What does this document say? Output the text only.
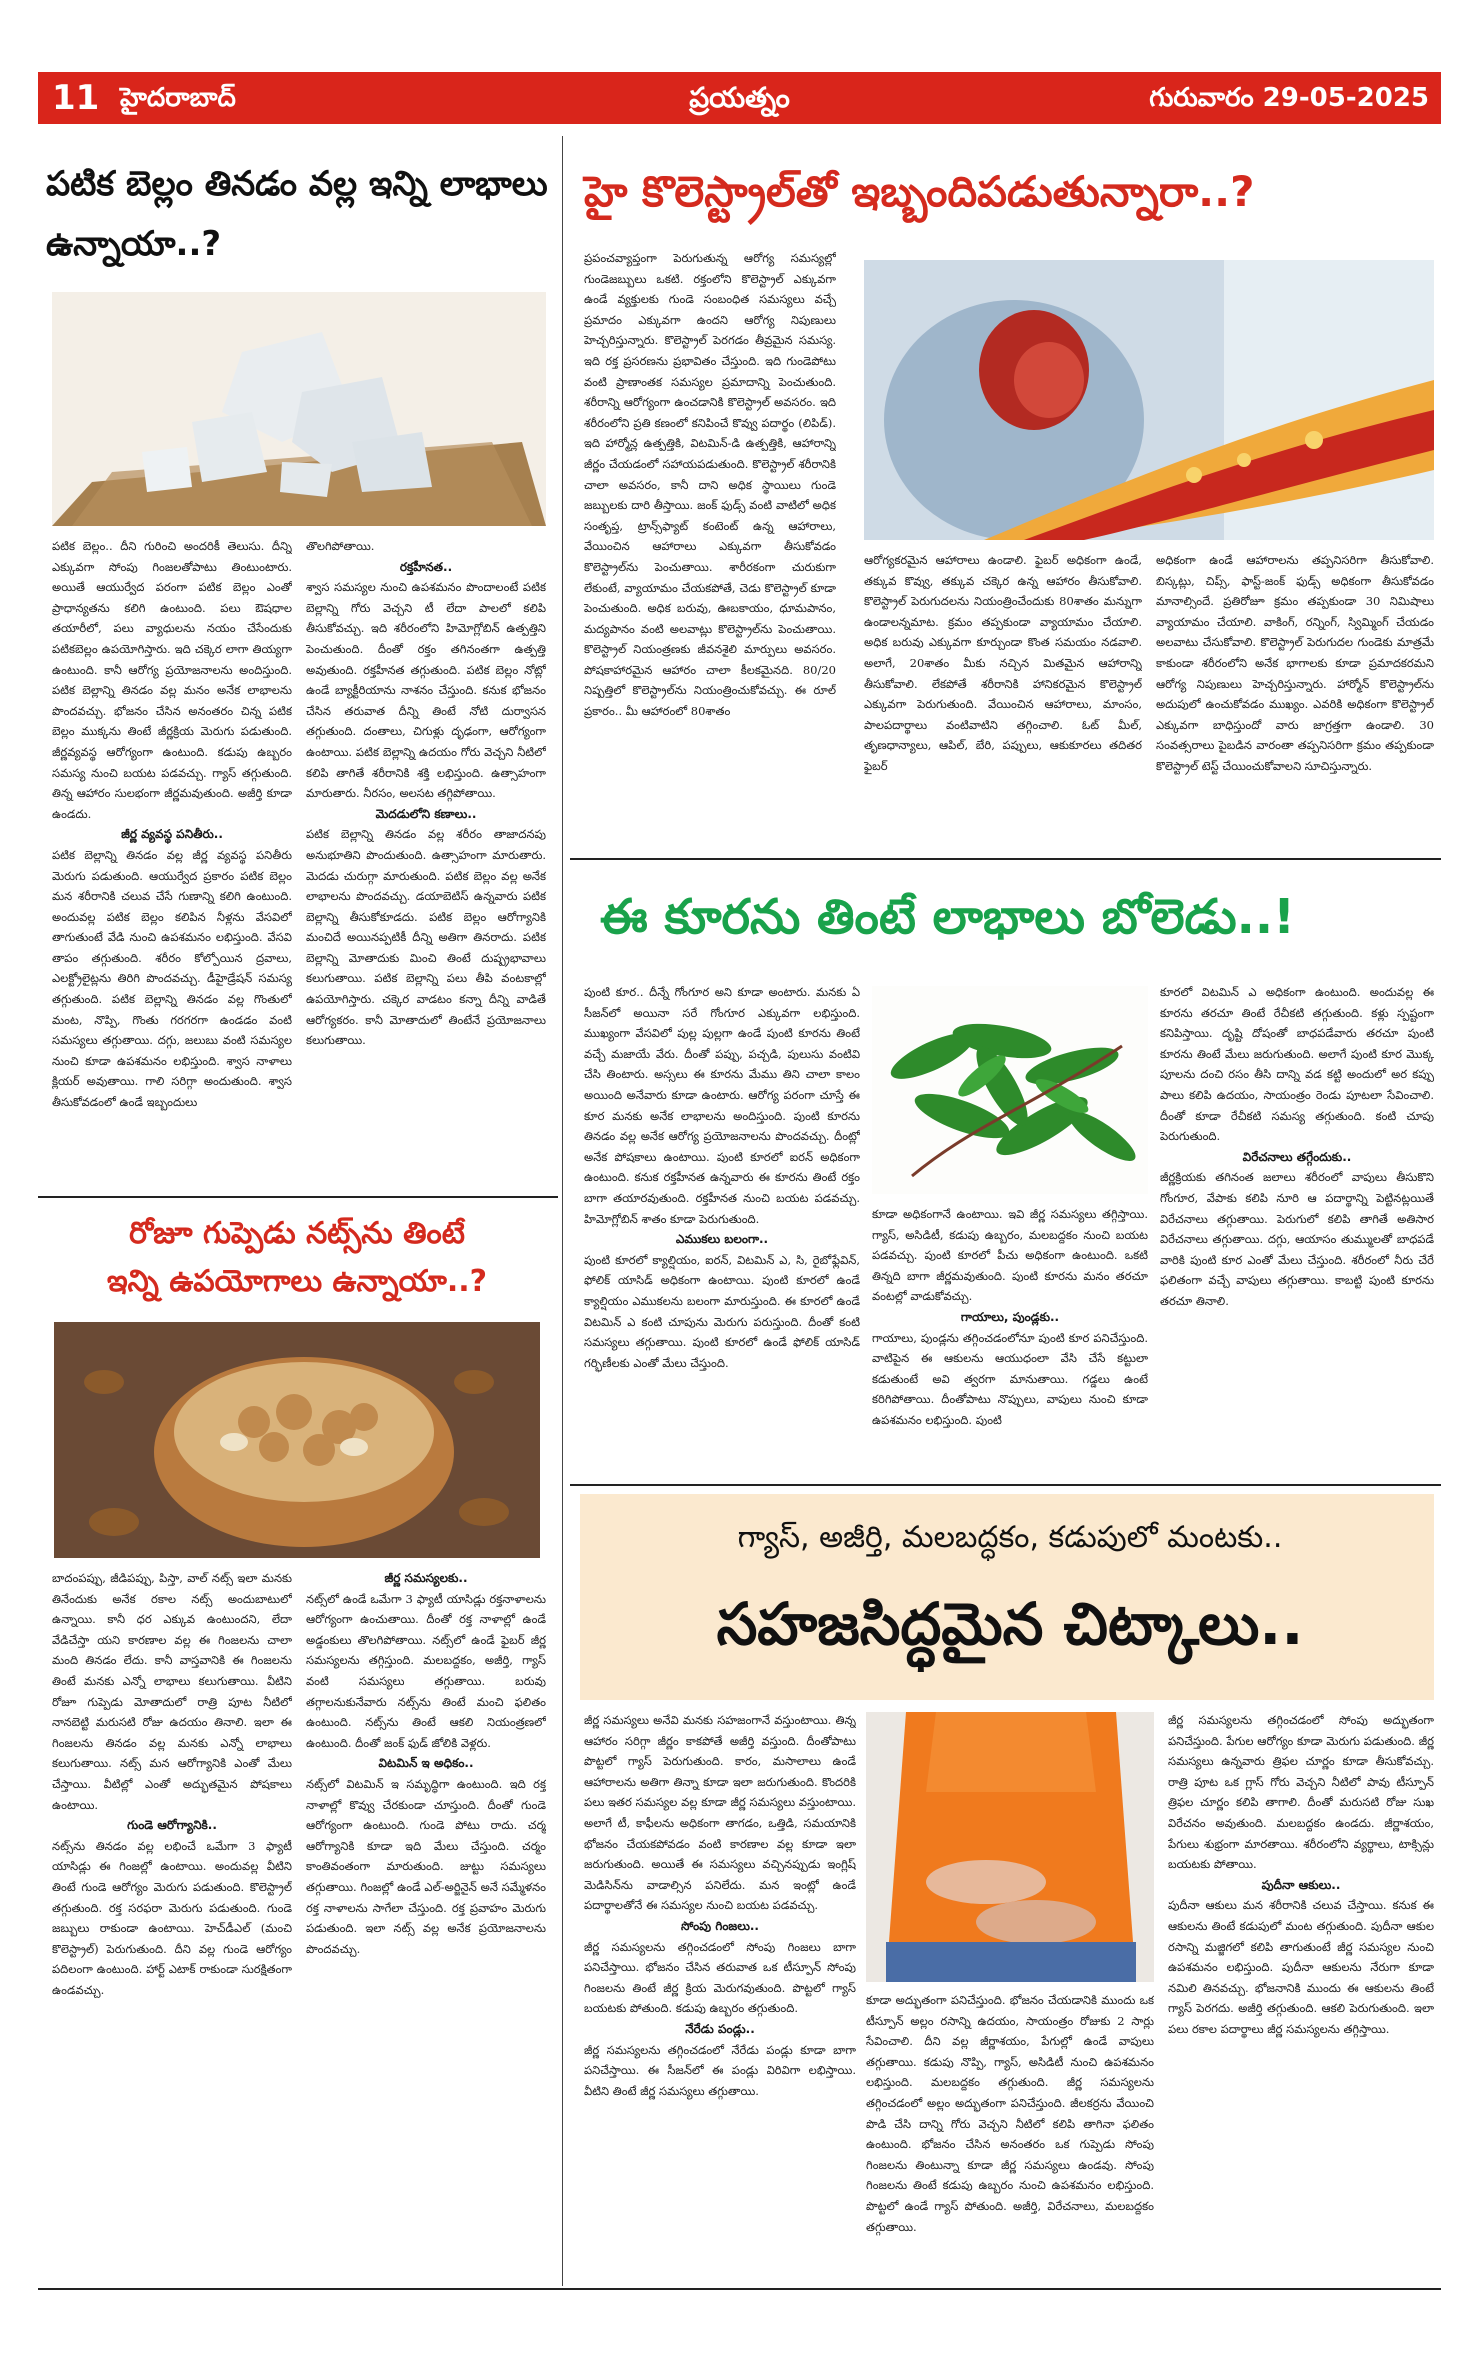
11 హైదరాబాద్	ప్రయత్నం	గురువారం 29-05-2025
పటిక బెల్లం తినడం వల్ల ఇన్ని లాభాలు ఉన్నాయా..?

పటిక బెల్లం.. దీని గురించి అందరికీ తెలుసు. దీన్ని ఎక్కువగా సోంపు గింజలతోపాటు తింటుంటారు. అయితే ఆయుర్వేద పరంగా పటిక బెల్లం ఎంతో ప్రాధాన్యతను కలిగి ఉంటుంది. పలు ఔషధాల తయారీలో, పలు వ్యాధులను నయం చేసేందుకు పటికబెల్లం ఉపయోగిస్తారు. ఇది చక్కెర లాగా తియ్యగా ఉంటుంది. కానీ ఆరోగ్య ప్రయోజనాలను అందిస్తుంది. పటిక బెల్లాన్ని తినడం వల్ల మనం అనేక లాభాలను పొందవచ్చు. భోజనం చేసిన అనంతరం చిన్న పటిక బెల్లం ముక్కను తింటే జీర్ణక్రియ మెరుగు పడుతుంది. జీర్ణవ్యవస్థ ఆరోగ్యంగా ఉంటుంది. కడుపు ఉబ్బరం సమస్య నుంచి బయట పడవచ్చు. గ్యాస్ తగ్గుతుంది. తిన్న ఆహారం సులభంగా జీర్ణమవుతుంది. అజీర్తి కూడా ఉండదు.

జీర్ణ వ్యవస్థ పనితీరు..

పటిక బెల్లాన్ని తినడం వల్ల జీర్ణ వ్యవస్థ పనితీరు మెరుగు పడుతుంది. ఆయుర్వేద ప్రకారం పటిక బెల్లం మన శరీరానికి చలువ చేసే గుణాన్ని కలిగి ఉంటుంది. అందువల్ల పటిక బెల్లం కలిపిన నీళ్లను వేసవిలో తాగుతుంటే వేడి నుంచి ఉపశమనం లభిస్తుంది. వేసవి తాపం తగ్గుతుంది. శరీరం కోల్పోయిన ద్రవాలు, ఎలక్ట్రోలైట్లను తిరిగి పొందవచ్చు. డీహైడ్రేషన్ సమస్య తగ్గుతుంది. పటిక బెల్లాన్ని తినడం వల్ల గొంతులో మంట, నొప్పి, గొంతు గరగరగా ఉండడం వంటి సమస్యలు తగ్గుతాయి. దగ్గు, జలుబు వంటి సమస్యల నుంచి కూడా ఉపశమనం లభిస్తుంది. శ్వాస నాళాలు క్లియర్ అవుతాయి. గాలి సరిగ్గా అందుతుంది. శ్వాస తీసుకోవడంలో ఉండే ఇబ్బందులు

తొలగిపోతాయి.

రక్తహీనత..

శ్వాస సమస్యల నుంచి ఉపశమనం పొందాలంటే పటిక బెల్లాన్ని గోరు వెచ్చని టీ లేదా పాలలో కలిపి తీసుకోవచ్చు. ఇది శరీరంలోని హిమోగ్లోబిన్ ఉత్పత్తిని పెంచుతుంది. దీంతో రక్తం తగినంతగా ఉత్పత్తి అవుతుంది. రక్తహీనత తగ్గుతుంది. పటిక బెల్లం నోట్లో ఉండే బ్యాక్టీరియాను నాశనం చేస్తుంది. కనుక భోజనం చేసిన తరువాత దీన్ని తింటే నోటి దుర్వాసన తగ్గుతుంది. దంతాలు, చిగుళ్లు దృఢంగా, ఆరోగ్యంగా ఉంటాయి. పటిక బెల్లాన్ని ఉదయం గోరు వెచ్చని నీటిలో కలిపి తాగితే శరీరానికి శక్తి లభిస్తుంది. ఉత్సాహంగా మారుతారు. నీరసం, అలసట తగ్గిపోతాయి.

మెదడులోని కణాలు..

పటిక బెల్లాన్ని తినడం వల్ల శరీరం తాజాదనపు అనుభూతిని పొందుతుంది. ఉత్సాహంగా మారుతారు. మెదడు చురుగ్గా మారుతుంది. పటిక బెల్లం వల్ల అనేక లాభాలను పొందవచ్చు. డయాబెటిస్ ఉన్నవారు పటిక బెల్లాన్ని తీసుకోకూడదు. పటిక బెల్లం ఆరోగ్యానికి మంచిదే అయినప్పటికీ దీన్ని అతిగా తినరాదు. పటిక బెల్లాన్ని మోతాదుకు మించి తింటే దుష్ప్రభావాలు కలుగుతాయి. పటిక బెల్లాన్ని పలు తీపి వంటకాల్లో ఉపయోగిస్తారు. చక్కెర వాడటం కన్నా దీన్ని వాడితే ఆరోగ్యకరం. కానీ మోతాదులో తింటేనే ప్రయోజనాలు కలుగుతాయి.

రోజూ గుప్పెడు నట్స్‌ను తింటే
ఇన్ని ఉపయోగాలు ఉన్నాయా..?

బాదంపప్పు, జీడిపప్పు, పిస్తా, వాల్ నట్స్ ఇలా మనకు తినేందుకు అనేక రకాల నట్స్ అందుబాటులో ఉన్నాయి. కానీ ధర ఎక్కువ ఉంటుందని, లేదా వేడిచేస్తా యని కారణాల వల్ల ఈ గింజలను చాలా మంది తినడం లేదు. కానీ వాస్తవానికి ఈ గింజలను తింటే మనకు ఎన్నో లాభాలు కలుగుతాయి. వీటిని రోజూ గుప్పెడు మోతాదులో రాత్రి పూట నీటిలో నానబెట్టి మరుసటి రోజు ఉదయం తినాలి. ఇలా ఈ గింజలను తినడం వల్ల మనకు ఎన్నో లాభాలు కలుగుతాయి. నట్స్ మన ఆరోగ్యానికి ఎంతో మేలు చేస్తాయి. వీటిల్లో ఎంతో అద్భుతమైన పోషకాలు ఉంటాయి.

గుండె ఆరోగ్యానికి..

నట్స్‌ను తినడం వల్ల లభించే ఒమేగా 3 ఫ్యాటీ యాసిడ్లు ఈ గింజల్లో ఉంటాయి. అందువల్ల వీటిని తింటే గుండె ఆరోగ్యం మెరుగు పడుతుంది. కొలెస్ట్రాల్ తగ్గుతుంది. రక్త సరఫరా మెరుగు పడుతుంది. గుండె జబ్బులు రాకుండా ఉంటాయి. హెచ్‌డీఎల్ (మంచి కొలెస్ట్రాల్) పెరుగుతుంది. దీని వల్ల గుండె ఆరోగ్యం పదిలంగా ఉంటుంది. హార్ట్ ఎటాక్ రాకుండా సురక్షితంగా ఉండవచ్చు.

జీర్ణ సమస్యలకు..

నట్స్‌లో ఉండే ఒమేగా 3 ఫ్యాటీ యాసిడ్లు రక్తనాళాలను ఆరోగ్యంగా ఉంచుతాయి. దీంతో రక్త నాళాల్లో ఉండే అడ్డంకులు తొలగిపోతాయి. నట్స్‌లో ఉండే ఫైబర్ జీర్ణ సమస్యలను తగ్గిస్తుంది. మలబద్దకం, అజీర్తి, గ్యాస్ వంటి సమస్యలు తగ్గుతాయి. బరువు తగ్గాలనుకునేవారు నట్స్‌ను తింటే మంచి ఫలితం ఉంటుంది. నట్స్‌ను తింటే ఆకలి నియంత్రణలో ఉంటుంది. దీంతో జంక్ ఫుడ్ జోలికి వెళ్లరు.

విటమిన్ ఇ అధికం..

నట్స్‌లో విటమిన్ ఇ సమృద్ధిగా ఉంటుంది. ఇది రక్త నాళాల్లో కొవ్వు చేరకుండా చూస్తుంది. దీంతో గుండె ఆరోగ్యంగా ఉంటుంది. గుండె పోటు రాదు. చర్మ ఆరోగ్యానికి కూడా ఇది మేలు చేస్తుంది. చర్మం కాంతివంతంగా మారుతుంది. జుట్టు సమస్యలు తగ్గుతాయి. గింజల్లో ఉండే ఎల్-అర్జినైన్ అనే సమ్మేళనం రక్త నాళాలను సాగేలా చేస్తుంది. రక్త ప్రవాహం మెరుగు పడుతుంది. ఇలా నట్స్ వల్ల అనేక ప్రయోజనాలను పొందవచ్చు.

హై కొలెస్ట్రాల్‌తో ఇబ్బందిపడుతున్నారా..?
ప్రపంచవ్యాప్తంగా పెరుగుతున్న ఆరోగ్య సమస్యల్లో గుండెజబ్బులు ఒకటి. రక్తంలోని కొలెస్ట్రాల్ ఎక్కువగా ఉండే వ్యక్తులకు గుండె సంబంధిత సమస్యలు వచ్చే ప్రమాదం ఎక్కువగా ఉందని ఆరోగ్య నిపుణులు హెచ్చరిస్తున్నారు. కొలెస్ట్రాల్ పెరగడం తీవ్రమైన సమస్య. ఇది రక్త ప్రసరణను ప్రభావితం చేస్తుంది. ఇది గుండెపోటు వంటి ప్రాణాంతక సమస్యల ప్రమాదాన్ని పెంచుతుంది. శరీరాన్ని ఆరోగ్యంగా ఉంచడానికి కొలెస్ట్రాల్ అవసరం. ఇది శరీరంలోని ప్రతి కణంలో కనిపించే కొవ్వు పదార్థం (లిపిడ్). ఇది హార్మోన్ల ఉత్పత్తికి, విటమిన్-డి ఉత్పత్తికి, ఆహారాన్ని జీర్ణం చేయడంలో సహాయపడుతుంది. కొలెస్ట్రాల్ శరీరానికి చాలా అవసరం, కానీ దాని అధిక స్థాయిలు గుండె జబ్బులకు దారి తీస్తాయి. జంక్ ఫుడ్స్ వంటి వాటిలో అధిక సంతృప్త, ట్రాన్స్‌ఫ్యాట్ కంటెంట్ ఉన్న ఆహారాలు, వేయించిన ఆహారాలు ఎక్కువగా తీసుకోవడం కొలెస్ట్రాల్‌ను పెంచుతాయి. శారీరకంగా చురుకుగా లేకుంటే, వ్యాయామం చేయకపోతే, చెడు కొలెస్ట్రాల్ కూడా పెంచుతుంది. అధిక బరువు, ఊబకాయం, ధూమపానం, మద్యపానం వంటి అలవాట్లు కొలెస్ట్రాల్‌ను పెంచుతాయి. కొలెస్ట్రాల్ నియంత్రణకు జీవనశైలి మార్పులు అవసరం. పోషకాహారమైన ఆహారం చాలా కీలకమైనది. 80/20 నిష్పత్తిలో కొలెస్ట్రాల్‌ను నియంత్రించుకోవచ్చు. ఈ రూల్ ప్రకారం.. మీ ఆహారంలో 80శాతం
ఆరోగ్యకరమైన ఆహారాలు ఉండాలి. ఫైబర్ అధికంగా ఉండే, తక్కువ కొవ్వు, తక్కువ చక్కెర ఉన్న ఆహారం తీసుకోవాలి. కొలెస్ట్రాల్ పెరుగుదలను నియంత్రించేందుకు 80శాతం మన్నుగా ఉండాలన్నమాట. క్రమం తప్పకుండా వ్యాయామం చేయాలి. అధిక బరువు ఎక్కువగా కూర్చుండా కొంత సమయం నడవాలి. అలాగే, 20శాతం మీకు నచ్చిన మితమైన ఆహారాన్ని తీసుకోవాలి. లేకపోతే శరీరానికి హానికరమైన కొలెస్ట్రాల్ ఎక్కువగా పెరుగుతుంది. వేయించిన ఆహారాలు, మాంసం, పాలపదార్థాలు వంటివాటిని తగ్గించాలి. ఓట్ మీల్, తృణధాన్యాలు, ఆపిల్, బేరి, పప్పులు, ఆకుకూరలు తదితర ఫైబర్
అధికంగా ఉండే ఆహారాలను తప్పనిసరిగా తీసుకోవాలి. బిస్కట్లు, చిప్స్, ఫాస్ట్-జంక్ ఫుడ్స్ అధికంగా తీసుకోవడం మానాల్సిందే. ప్రతిరోజూ క్రమం తప్పకుండా 30 నిమిషాలు వ్యాయామం చేయాలి. వాకింగ్, రన్నింగ్, స్విమ్మింగ్ చేయడం అలవాటు చేసుకోవాలి. కొలెస్ట్రాల్ పెరుగుదల గుండెకు మాత్రమే కాకుండా శరీరంలోని అనేక భాగాలకు కూడా ప్రమాదకరమని ఆరోగ్య నిపుణులు హెచ్చరిస్తున్నారు. హార్మోన్ కొలెస్ట్రాల్‌ను అదుపులో ఉంచుకోవడం ముఖ్యం. ఎవరికి అధికంగా కొలెస్ట్రాల్ ఎక్కువగా బాధిస్తుందో వారు జాగ్రత్తగా ఉండాలి. 30 సంవత్సరాలు పైబడిన వారంతా తప్పనిసరిగా క్రమం తప్పకుండా కొలెస్ట్రాల్ టెస్ట్ చేయించుకోవాలని సూచిస్తున్నారు.
ఈ కూరను తింటే లాభాలు బోలెడు..!

పుంటి కూర.. దీన్నే గోంగూర అని కూడా అంటారు. మనకు ఏ సీజన్‌లో అయినా సరే గోంగూర ఎక్కువగా లభిస్తుంది. ముఖ్యంగా వేసవిలో పుల్ల పుల్లగా ఉండే పుంటి కూరను తింటే వచ్చే మజాయే వేరు. దీంతో పప్పు, పచ్చడి, పులుసు వంటివి చేసి తింటారు. అస్సలు ఈ కూరను మేము తిని చాలా కాలం అయింది అనేవారు కూడా ఉంటారు. ఆరోగ్య పరంగా చూస్తే ఈ కూర మనకు అనేక లాభాలను అందిస్తుంది. పుంటి కూరను తినడం వల్ల అనేక ఆరోగ్య ప్రయోజనాలను పొందవచ్చు. దీంట్లో అనేక పోషకాలు ఉంటాయి. పుంటి కూరలో ఐరన్ అధికంగా ఉంటుంది. కనుక రక్తహీనత ఉన్నవారు ఈ కూరను తింటే రక్తం బాగా తయారవుతుంది. రక్తహీనత నుంచి బయట పడవచ్చు. హిమోగ్లోబిన్ శాతం కూడా పెరుగుతుంది.

ఎముకలు బలంగా..

పుంటి కూరలో క్యాల్షియం, ఐరన్, విటమిన్ ఎ, సి, రైబోఫ్లేవిన్, ఫోలిక్ యాసిడ్ అధికంగా ఉంటాయి. పుంటి కూరలో ఉండే క్యాల్షియం ఎముకలను బలంగా మారుస్తుంది. ఈ కూరలో ఉండే విటమిన్ ఎ కంటి చూపును మెరుగు పరుస్తుంది. దీంతో కంటి సమస్యలు తగ్గుతాయి. పుంటి కూరలో ఉండే ఫోలిక్ యాసిడ్ గర్భిణీలకు ఎంతో మేలు చేస్తుంది.

కూడా అధికంగానే ఉంటాయి. ఇవి జీర్ణ సమస్యలు తగ్గిస్తాయి. గ్యాస్, అసిడిటీ, కడుపు ఉబ్బరం, మలబద్దకం నుంచి బయట పడవచ్చు. పుంటి కూరలో పీచు అధికంగా ఉంటుంది. ఒకటి తిన్నది బాగా జీర్ణమవుతుంది. పుంటి కూరను మనం తరచూ వంటల్లో వాడుకోవచ్చు.

గాయాలు, పుండ్లకు..

గాయాలు, పుండ్లను తగ్గించడంలోనూ పుంటి కూర పనిచేస్తుంది. వాటిపైన ఈ ఆకులను ఆయుధంలా వేసి చేసే కట్టులా కడుతుంటే అవి త్వరగా మానుతాయి. గడ్డలు ఉంటే కరిగిపోతాయి. దీంతోపాటు నొప్పులు, వాపులు నుంచి కూడా ఉపశమనం లభిస్తుంది. పుంటి

కూరలో విటమిన్ ఎ అధికంగా ఉంటుంది. అందువల్ల ఈ కూరను తరచూ తింటే రేచీకటి తగ్గుతుంది. కళ్లు స్పష్టంగా కనిపిస్తాయి. దృష్టి దోషంతో బాధపడేవారు తరచూ పుంటి కూరను తింటే మేలు జరుగుతుంది. అలాగే పుంటి కూర మొక్క పూలను దంచి రసం తీసి దాన్ని వడ కట్టి అందులో అర కప్పు పాలు కలిపి ఉదయం, సాయంత్రం రెండు పూటలా సేవించాలి. దీంతో కూడా రేచీకటి సమస్య తగ్గుతుంది. కంటి చూపు పెరుగుతుంది.

విరేచనాలు తగ్గేందుకు..

జీర్ణక్రియకు తగినంత జలాలు శరీరంలో వాపులు తీసుకొని గోంగూర, వేపాకు కలిపి నూరి ఆ పదార్థాన్ని పెట్టినట్లయితే విరేచనాలు తగ్గుతాయి. పెరుగులో కలిపి తాగితే అతిసార విరేచనాలు తగ్గుతాయి. దగ్గు, ఆయాసం తుమ్ములతో బాధపడే వారికి పుంటి కూర ఎంతో మేలు చేస్తుంది. శరీరంలో నీరు చేరే ఫలితంగా వచ్చే వాపులు తగ్గుతాయి. కాబట్టి పుంటి కూరను తరచూ తినాలి.

గ్యాస్, అజీర్తి, మలబద్ధకం, కడుపులో మంటకు..
సహజసిద్ధమైన చిట్కాలు..

జీర్ణ సమస్యలు అనేవి మనకు సహజంగానే వస్తుంటాయి. తిన్న ఆహారం సరిగ్గా జీర్ణం కాకపోతే అజీర్తి వస్తుంది. దీంతోపాటు పొట్టలో గ్యాస్ పెరుగుతుంది. కారం, మసాలాలు ఉండే ఆహారాలను అతిగా తిన్నా కూడా ఇలా జరుగుతుంది. కొందరికి పలు ఇతర సమస్యల వల్ల కూడా జీర్ణ సమస్యలు వస్తుంటాయి. అలాగే టీ, కాఫీలను అధికంగా తాగడం, ఒత్తిడి, సమయానికి భోజనం చేయకపోవడం వంటి కారణాల వల్ల కూడా ఇలా జరుగుతుంది. అయితే ఈ సమస్యలు వచ్చినప్పుడు ఇంగ్లిష్ మెడిసిన్‌ను వాడాల్సిన పనిలేదు. మన ఇంట్లో ఉండే పదార్థాలతోనే ఈ సమస్యల నుంచి బయట పడవచ్చు.

సోంపు గింజలు..

జీర్ణ సమస్యలను తగ్గించడంలో సోంపు గింజలు బాగా పనిచేస్తాయి. భోజనం చేసిన తరువాత ఒక టీస్పూన్ సోంపు గింజలను తింటే జీర్ణ క్రియ మెరుగవుతుంది. పొట్టలో గ్యాస్ బయటకు పోతుంది. కడుపు ఉబ్బరం తగ్గుతుంది.

నేరేడు పండ్లు..

జీర్ణ సమస్యలను తగ్గించడంలో నేరేడు పండ్లు కూడా బాగా పనిచేస్తాయి. ఈ సీజన్‌లో ఈ పండ్లు విరివిగా లభిస్తాయి. వీటిని తింటే జీర్ణ సమస్యలు తగ్గుతాయి.

కూడా అద్భుతంగా పనిచేస్తుంది. భోజనం చేయడానికి ముందు ఒక టీస్పూన్ అల్లం రసాన్ని ఉదయం, సాయంత్రం రోజుకు 2 సార్లు సేవించాలి. దీని వల్ల జీర్ణాశయం, పేగుల్లో ఉండే వాపులు తగ్గుతాయి. కడుపు నొప్పి, గ్యాస్, అసిడిటీ నుంచి ఉపశమనం లభిస్తుంది. మలబద్దకం తగ్గుతుంది. జీర్ణ సమస్యలను తగ్గించడంలో అల్లం అద్భుతంగా పనిచేస్తుంది. జీలకర్రను వేయించి పొడి చేసి దాన్ని గోరు వెచ్చని నీటిలో కలిపి తాగినా ఫలితం ఉంటుంది. భోజనం చేసిన అనంతరం ఒక గుప్పెడు సోంపు గింజలను తింటున్నా కూడా జీర్ణ సమస్యలు ఉండవు. సోంపు గింజలను తింటే కడుపు ఉబ్బరం నుంచి ఉపశమనం లభిస్తుంది. పొట్టలో ఉండే గ్యాస్ పోతుంది. అజీర్తి, విరేచనాలు, మలబద్దకం తగ్గుతాయి.

జీర్ణ సమస్యలను తగ్గించడంలో సోంపు అద్భుతంగా పనిచేస్తుంది. పేగుల ఆరోగ్యం కూడా మెరుగు పడుతుంది. జీర్ణ సమస్యలు ఉన్నవారు త్రిఫల చూర్ణం కూడా తీసుకోవచ్చు. రాత్రి పూట ఒక గ్లాస్ గోరు వెచ్చని నీటిలో పావు టీస్పూన్ త్రిఫల చూర్ణం కలిపి తాగాలి. దీంతో మరుసటి రోజు సుఖ విరేచనం అవుతుంది. మలబద్దకం ఉండదు. జీర్ణాశయం, పేగులు శుభ్రంగా మారతాయి. శరీరంలోని వ్యర్థాలు, టాక్సిన్లు బయటకు పోతాయి.

పుదీనా ఆకులు..

పుదీనా ఆకులు మన శరీరానికి చలువ చేస్తాయి. కనుక ఈ ఆకులను తింటే కడుపులో మంట తగ్గుతుంది. పుదీనా ఆకుల రసాన్ని మజ్జిగలో కలిపి తాగుతుంటే జీర్ణ సమస్యల నుంచి ఉపశమనం లభిస్తుంది. పుదీనా ఆకులను నేరుగా కూడా నమిలి తినవచ్చు. భోజనానికి ముందు ఈ ఆకులను తింటే గ్యాస్ పెరగదు. అజీర్తి తగ్గుతుంది. ఆకలి పెరుగుతుంది. ఇలా పలు రకాల పదార్థాలు జీర్ణ సమస్యలను తగ్గిస్తాయి.
